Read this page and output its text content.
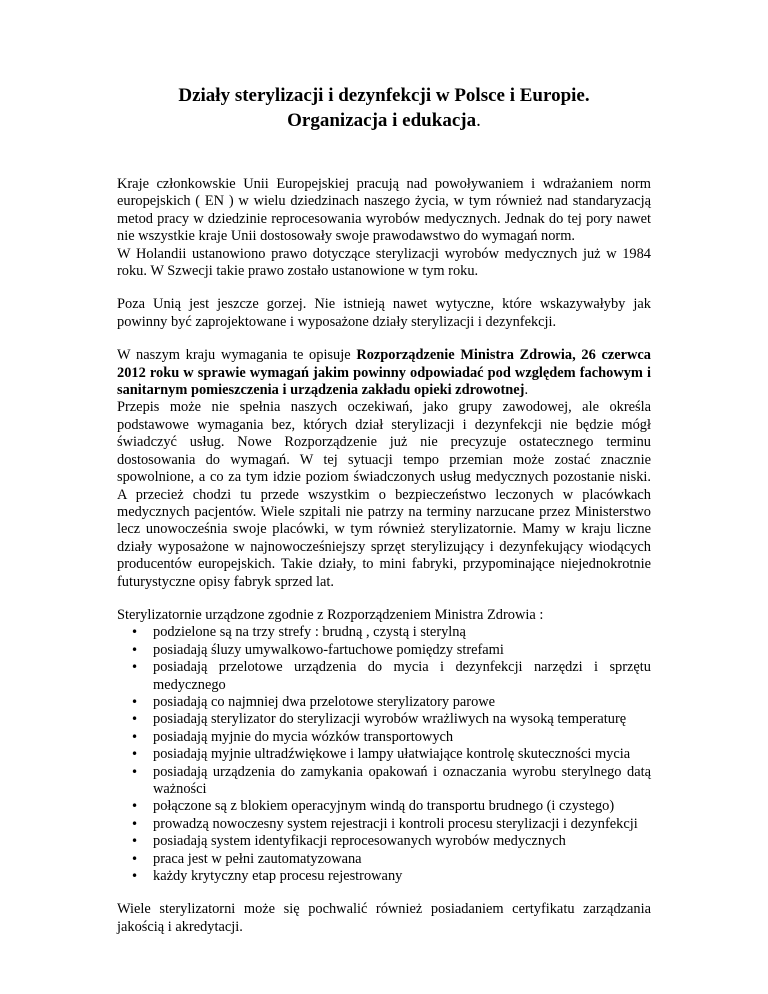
Działy sterylizacji i dezynfekcji w Polsce i Europie.
Organizacja i edukacja.

Kraje członkowskie Unii Europejskiej pracują nad powoływaniem i wdrażaniem norm europejskich ( EN ) w wielu dziedzinach naszego życia, w tym również nad standaryzacją metod pracy w dziedzinie reprocesowania wyrobów medycznych. Jednak do tej pory nawet nie wszystkie kraje Unii dostosowały swoje prawodawstwo do wymagań norm.

W Holandii ustanowiono prawo dotyczące sterylizacji wyrobów medycznych już w 1984 roku. W Szwecji takie prawo zostało ustanowione w tym roku.

Poza Unią jest jeszcze gorzej. Nie istnieją nawet wytyczne, które wskazywałyby jak powinny być zaprojektowane i wyposażone działy sterylizacji i dezynfekcji.

W naszym kraju wymagania te opisuje Rozporządzenie Ministra Zdrowia, 26 czerwca 2012 roku w sprawie wymagań jakim powinny odpowiadać pod względem fachowym i sanitarnym pomieszczenia i urządzenia zakładu opieki zdrowotnej.

Przepis może nie spełnia naszych oczekiwań, jako grupy zawodowej, ale określa podstawowe wymagania bez, których dział sterylizacji i dezynfekcji nie będzie mógł świadczyć usług. Nowe Rozporządzenie już nie precyzuje ostatecznego terminu dostosowania do wymagań. W tej sytuacji tempo przemian może zostać znacznie spowolnione, a co za tym idzie poziom świadczonych usług medycznych pozostanie niski. A przecież chodzi tu przede wszystkim o bezpieczeństwo leczonych w placówkach medycznych pacjentów. Wiele szpitali nie patrzy na terminy narzucane przez Ministerstwo lecz unowocześnia swoje placówki, w tym również sterylizatornie. Mamy w kraju liczne działy wyposażone w najnowocześniejszy sprzęt sterylizujący i dezynfekujący wiodących producentów europejskich. Takie działy, to mini fabryki, przypominające niejednokrotnie futurystyczne opisy fabryk sprzed lat.

Sterylizatornie urządzone zgodnie z Rozporządzeniem Ministra Zdrowia :

• podzielone są na trzy strefy : brudną , czystą i sterylną
• posiadają śluzy umywalkowo-fartuchowe pomiędzy strefami
• posiadają przelotowe urządzenia do mycia i dezynfekcji narzędzi i sprzętu medycznego
• posiadają co najmniej dwa przelotowe sterylizatory parowe
• posiadają sterylizator do sterylizacji wyrobów wrażliwych na wysoką temperaturę
• posiadają myjnie do mycia wózków transportowych
• posiadają myjnie ultradźwiękowe i lampy ułatwiające kontrolę skuteczności mycia
• posiadają urządzenia do zamykania opakowań i oznaczania wyrobu sterylnego datą ważności
• połączone są z blokiem operacyjnym windą do transportu brudnego (i czystego)
• prowadzą nowoczesny system rejestracji i kontroli procesu sterylizacji i dezynfekcji
• posiadają system identyfikacji reprocesowanych wyrobów medycznych
• praca jest w pełni zautomatyzowana
• każdy krytyczny etap procesu rejestrowany

Wiele sterylizatorni może się pochwalić również posiadaniem certyfikatu zarządzania jakością i akredytacji.
